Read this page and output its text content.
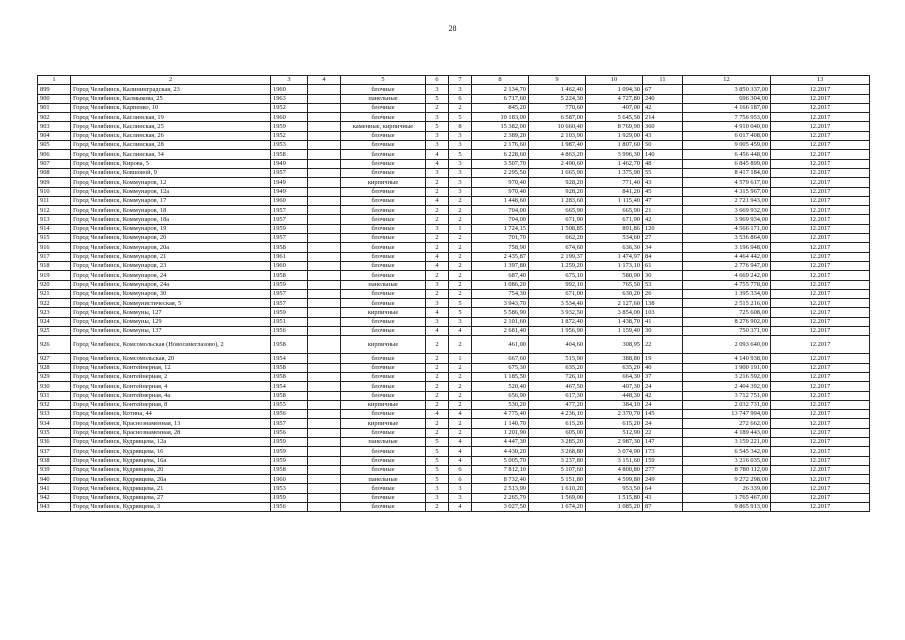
28
1	2	3	4	5	6	7	8	9	10	11	12	13
899	Город Челябинск, Калининградская, 23	1960		блочные	3	3	2 134,70	1 462,40	1 094,30	67	3 850 337,00	12.2017
900	Город Челябинск, Калмыкова, 25	1963		панельные	5	6	6 717,60	5 224,30	4 727,80	240	696 304,00	12.2017
901	Город Челябинск, Карпенко, 10	1952		блочные	2	2	845,20	770,60	407,00	42	4 166 187,00	12.2017
902	Город Челябинск, Каслинская, 19	1960		блочные	3	5	10 183,00	6 587,00	5 645,50	214	7 756 953,00	12.2017
903	Город Челябинск, Каслинская, 25	1959		каменные, кирпичные	5	8	15 382,00	10 660,40	8 769,90	360	4 910 040,00	12.2017
904	Город Челябинск, Каслинская, 26	1952		блочные	3	3	2 389,20	2 103,90	1 929,00	43	6 017 408,00	12.2017
905	Город Челябинск, Каслинская, 28	1953		блочные	3	3	2 176,60	1 987,40	1 807,60	50	9 005 459,00	12.2017
906	Город Челябинск, Каслинская, 34	1958		блочные	4	5	6 228,60	4 863,20	3 996,30	140	6 456 448,00	12.2017
907	Город Челябинск, Кирова, 5	1949		блочные	4	3	3 507,70	2 490,60	1 462,70	48	6 845 899,00	12.2017
908	Город Челябинск, Ковшовой, 9	1957		блочные	3	3	2 295,50	1 665,90	1 375,90	55	8 417 184,00	12.2017
909	Город Челябинск, Коммунаров, 12	1949		кирпичные	2	3	970,40	928,20	771,40	43	4 579 617,00	12.2017
910	Город Челябинск, Коммунаров, 12а	1949		блочные	2	3	970,40	928,20	841,20	45	4 315 967,00	12.2017
911	Город Челябинск, Коммунаров, 17	1960		блочные	4	2	1 448,60	1 283,60	1 115,40	47	2 721 943,00	12.2017
912	Город Челябинск, Коммунаров, 18	1957		блочные	2	2	704,00	665,90	665,90	21	3 669 932,00	12.2017
913	Город Челябинск, Коммунаров, 18а	1957		блочные	2	2	704,00	671,90	671,90	42	3 969 934,00	12.2017
914	Город Челябинск, Коммунаров, 19	1959		блочные	3	1	1 724,15	1 508,85	891,86	120	4 566 171,00	12.2017
915	Город Челябинск, Коммунаров, 20	1957		блочные	2	2	701,70	662,20	534,60	27	3 536 864,00	12.2017
916	Город Челябинск, Коммунаров, 20а	1958		блочные	2	2	758,90	674,60	636,30	34	3 196 948,00	12.2017
917	Город Челябинск, Коммунаров, 21	1961		блочные	4	2	2 435,87	2 199,37	1 474,97	84	4 464 442,00	12.2017
918	Город Челябинск, Коммунаров, 23	1960		блочные	4	2	1 397,80	1 259,20	1 173,10	61	2 776 947,00	12.2017
919	Город Челябинск, Коммунаров, 24	1958		блочные	2	2	687,40	675,10	580,90	30	4 669 242,00	12.2017
920	Город Челябинск, Коммунаров, 24а	1959		панельные	3	2	1 086,20	992,10	765,50	53	4 755 778,00	12.2017
921	Город Челябинск, Коммунаров, 30	1957		блочные	2	2	754,30	671,00	630,20	26	1 395 334,00	12.2017
922	Город Челябинск, Коммунистическая, 5	1957		блочные	3	5	3 943,70	3 534,40	2 127,60	138	2 515 216,00	12.2017
923	Город Челябинск, Коммуны, 127	1959		кирпичные	4	5	5 586,90	3 932,50	3 854,00	103	725 608,00	12.2017
924	Город Челябинск, Коммуны, 129	1951		блочные	3	3	2 101,60	1 872,40	1 438,70	41	8 276 902,00	12.2017
925	Город Челябинск, Коммуны, 137	1956		блочные	4	4	2 681,40	1 956,90	1 159,40	30	750 371,00	12.2017
926	Город Челябинск, Комсомольская (Новосинеглазово), 2	1958		кирпичные	2	2	461,00	404,60	308,95	22	2 093 640,00	12.2017
927	Город Челябинск, Комсомольская, 20	1954		блочные	2	1	667,60	515,90	388,80	19	4 140 938,00	12.2017
928	Город Челябинск, Контейнерная, 12	1958		блочные	2	2	675,30	635,20	635,20	40	1 900 191,00	12.2017
929	Город Челябинск, Контейнерная, 2	1958		блочные	2	2	1 185,50	726,10	664,30	37	3 216 592,00	12.2017
930	Город Челябинск, Контейнерная, 4	1954		блочные	2	2	520,40	467,50	407,30	24	2 404 392,00	12.2017
931	Город Челябинск, Контейнерная, 4а	1958		блочные	2	2	656,90	617,30	448,30	42	3 712 751,00	12.2017
932	Город Челябинск, Контейнерная, 8	1955		кирпичные	2	2	530,20	477,20	384,10	24	2 032 731,00	12.2017
933	Город Челябинск, Котина, 44	1956		блочные	4	4	4 775,40	4 236,10	2 370,70	145	13 747 994,00	12.2017
934	Город Челябинск, Краснознаменная, 13	1957		кирпичные	2	2	1 140,70	615,20	615,20	24	272 662,00	12.2017
935	Город Челябинск, Краснознаменная, 28	1956		блочные	2	2	1 201,90	605,00	512,90	22	4 189 443,00	12.2017
936	Город Челябинск, Кудрявцева, 12а	1959		панельные	5	4	4 447,30	3 285,20	2 987,30	147	3 159 221,00	12.2017
937	Город Челябинск, Кудрявцева, 16	1959		блочные	5	4	4 430,20	3 268,80	3 074,90	173	6 545 342,00	12.2017
938	Город Челябинск, Кудрявцева, 16а	1959		блочные	5	4	5 005,70	3 237,80	3 151,60	159	3 216 035,00	12.2017
939	Город Челябинск, Кудрявцева, 20	1958		блочные	5	6	7 812,10	5 107,60	4 800,80	277	8 780 112,00	12.2017
940	Город Челябинск, Кудрявцева, 20а	1960		панельные	5	6	8 732,40	5 151,80	4 599,80	249	9 272 298,00	12.2017
941	Город Челябинск, Кудрявцева, 21	1953		блочные	3	3	2 513,90	1 610,20	953,50	64	26 339,00	12.2017
942	Город Челябинск, Кудрявцева, 27	1959		блочные	3	3	2 265,79	1 569,00	1 515,80	43	1 765 467,00	12.2017
943	Город Челябинск, Кудрявцева, 3	1956		блочные	2	4	3 027,50	1 674,20	1 085,20	87	9 865 913,00	12.2017
